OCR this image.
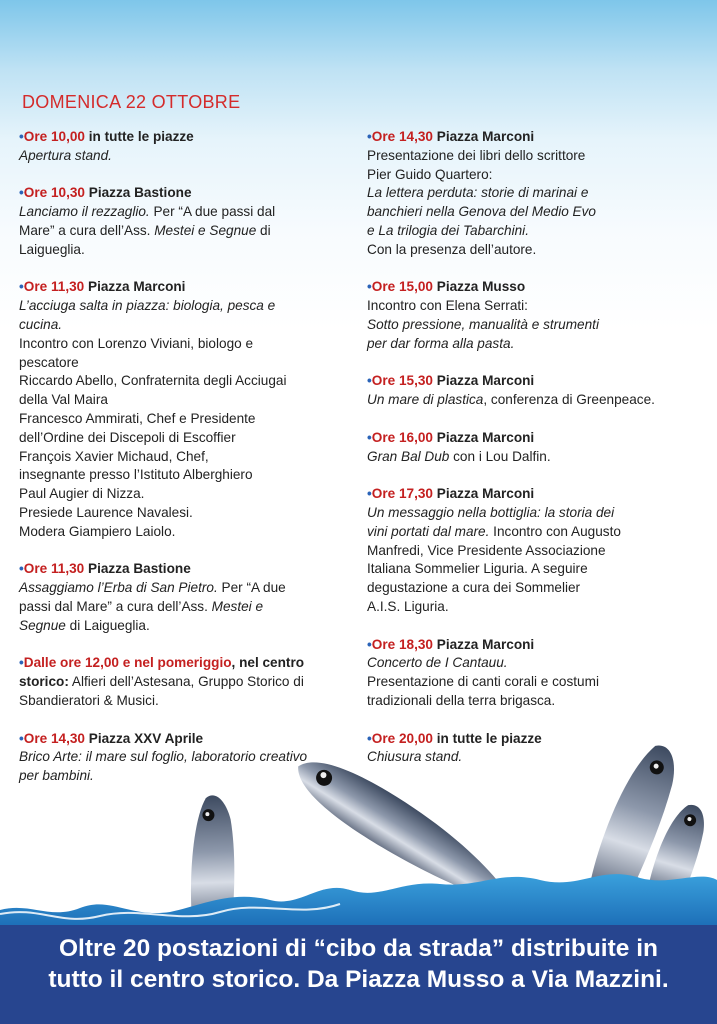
DOMENICA 22 OTTOBRE
•Ore 10,00 in tutte le piazze
Apertura stand.
•Ore 10,30 Piazza Bastione
Lanciamo il rezzaglio. Per “A due passi dal
Mare” a cura dell’Ass. Mestei e Segnue di
Laigueglia.
•Ore 11,30 Piazza Marconi
L’acciuga salta in piazza: biologia, pesca e
cucina.
Incontro con Lorenzo Viviani, biologo e
pescatore
Riccardo Abello, Confraternita degli Acciugai
della Val Maira
Francesco Ammirati, Chef e Presidente
dell’Ordine dei Discepoli di Escoffier
François Xavier Michaud, Chef,
insegnante presso l’Istituto Alberghiero
Paul Augier di Nizza.
Presiede Laurence Navalesi.
Modera Giampiero Laiolo.
•Ore 11,30 Piazza Bastione
Assaggiamo l’Erba di San Pietro. Per “A due
passi dal Mare” a cura dell’Ass. Mestei e
Segnue di Laigueglia.
•Dalle ore 12,00 e nel pomeriggio, nel centro
storico: Alfieri dell’Astesana, Gruppo Storico di
Sbandieratori & Musici.
•Ore 14,30 Piazza XXV Aprile
Brico Arte: il mare sul foglio, laboratorio creativo
per bambini.
•Ore 14,30 Piazza Marconi
Presentazione dei libri dello scrittore
Pier Guido Quartero:
La lettera perduta: storie di marinai e
banchieri nella Genova del Medio Evo
e La trilogia dei Tabarchini.
Con la presenza dell’autore.
•Ore 15,00 Piazza Musso
Incontro con Elena Serrati:
Sotto pressione, manualità e strumenti
per dar forma alla pasta.
•Ore 15,30 Piazza Marconi
Un mare di plastica, conferenza di Greenpeace.
•Ore 16,00 Piazza Marconi
Gran Bal Dub con i Lou Dalfin.
•Ore 17,30 Piazza Marconi
Un messaggio nella bottiglia: la storia dei
vini portati dal mare. Incontro con Augusto
Manfredi, Vice Presidente Associazione
Italiana Sommelier Liguria. A seguire
degustazione a cura dei Sommelier
A.I.S. Liguria.
•Ore 18,30 Piazza Marconi
Concerto de I Cantauu.
Presentazione di canti corali e costumi
tradizionali della terra brigasca.
•Ore 20,00 in tutte le piazze
Chiusura stand.
Oltre 20 postazioni di “cibo da strada” distribuite in
tutto il centro storico. Da Piazza Musso a Via Mazzini.
